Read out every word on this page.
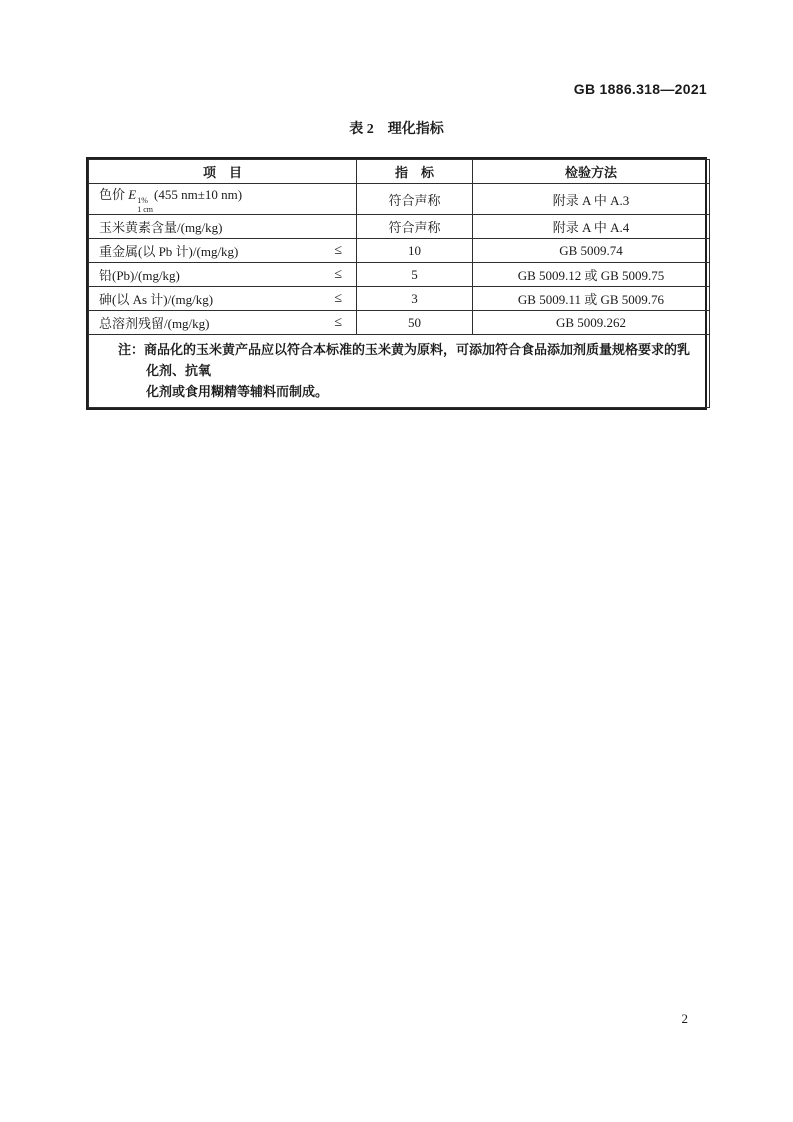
GB 1886.318—2021
表 2　理化指标
项　目	指　标	检验方法
色价 E 1%
1 cm
(455 nm±10 nm)	符合声称	附录 A 中 A.3

玉米黄素含量/(mg/kg)	符合声称	附录 A 中 A.4

重金属(以 Pb 计)/(mg/kg) ≤	10	GB 5009.74

铅(Pb)/(mg/kg) ≤	5	GB 5009.12 或 GB 5009.75

砷(以 As 计)/(mg/kg) ≤	3	GB 5009.11 或 GB 5009.76

总溶剂残留/(mg/kg) ≤	50	GB 5009.262
注：商品化的玉米黄产品应以符合本标准的玉米黄为原料，可添加符合食品添加剂质量规格要求的乳化剂、抗氧
化剂或食用糊精等辅料而制成。		
2
